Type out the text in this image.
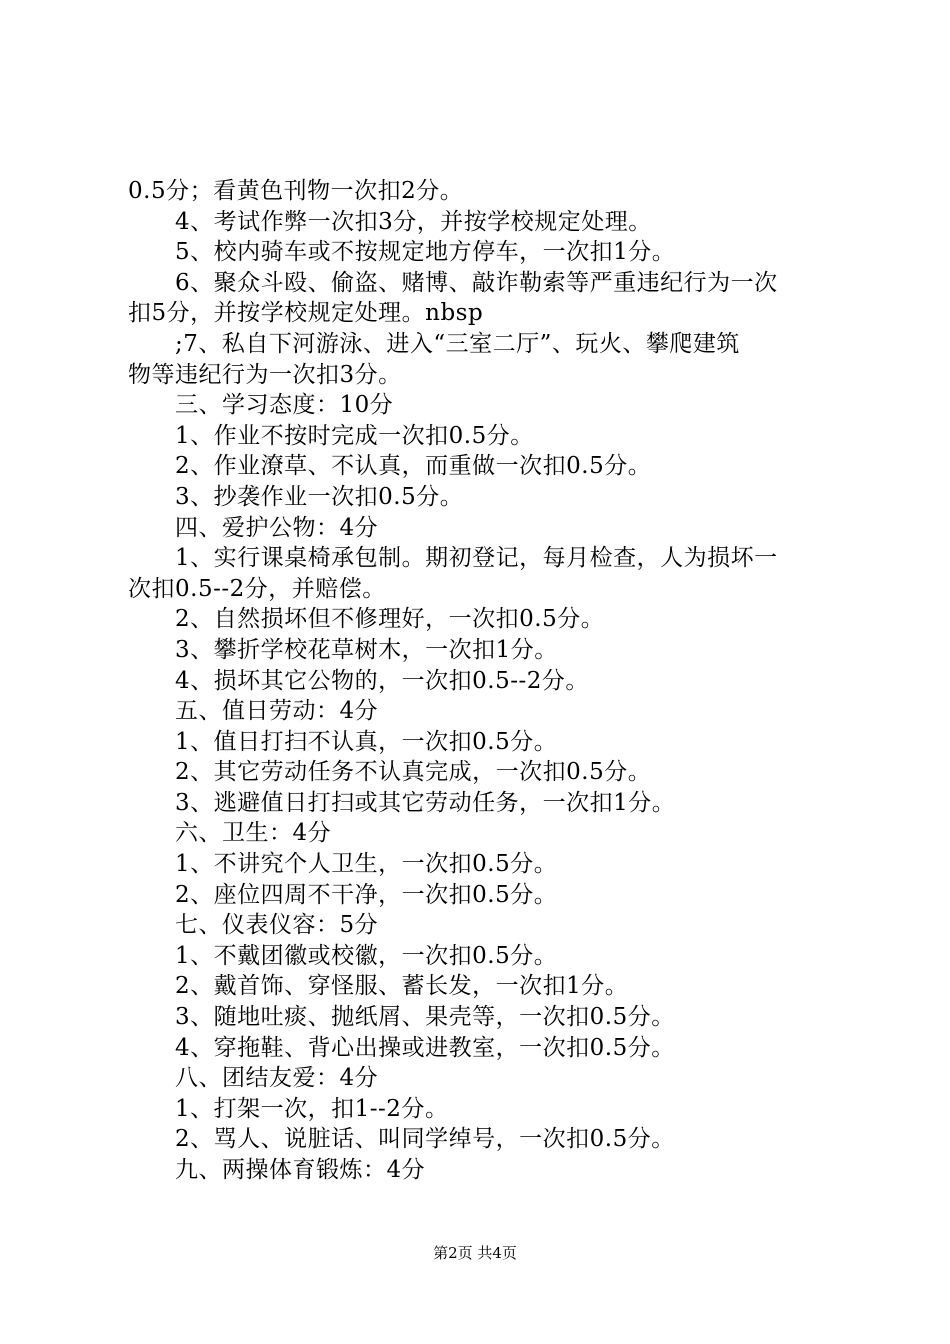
0.5分；看黄色刊物一次扣2分。
4、考试作弊一次扣3分，并按学校规定处理。
5、校内骑车或不按规定地方停车，一次扣1分。
6、聚众斗殴、偷盗、赌博、敲诈勒索等严重违纪行为一次
扣5分，并按学校规定处理。nbsp
;7、私自下河游泳、进入“三室二厅”、玩火、攀爬建筑
物等违纪行为一次扣3分。
三、学习态度：10分
1、作业不按时完成一次扣0.5分。
2、作业潦草、不认真，而重做一次扣0.5分。
3、抄袭作业一次扣0.5分。
四、爱护公物：4分
1、实行课桌椅承包制。期初登记，每月检查，人为损坏一
次扣0.5--2分，并赔偿。
2、自然损坏但不修理好，一次扣0.5分。
3、攀折学校花草树木，一次扣1分。
4、损坏其它公物的，一次扣0.5--2分。
五、值日劳动：4分
1、值日打扫不认真，一次扣0.5分。
2、其它劳动任务不认真完成，一次扣0.5分。
3、逃避值日打扫或其它劳动任务，一次扣1分。
六、卫生：4分
1、不讲究个人卫生，一次扣0.5分。
2、座位四周不干净，一次扣0.5分。
七、仪表仪容：5分
1、不戴团徽或校徽，一次扣0.5分。
2、戴首饰、穿怪服、蓄长发，一次扣1分。
3、随地吐痰、抛纸屑、果壳等，一次扣0.5分。
4、穿拖鞋、背心出操或进教室，一次扣0.5分。
八、团结友爱：4分
1、打架一次，扣1--2分。
2、骂人、说脏话、叫同学绰号，一次扣0.5分。
九、两操体育锻炼：4分
第2页 共4页
